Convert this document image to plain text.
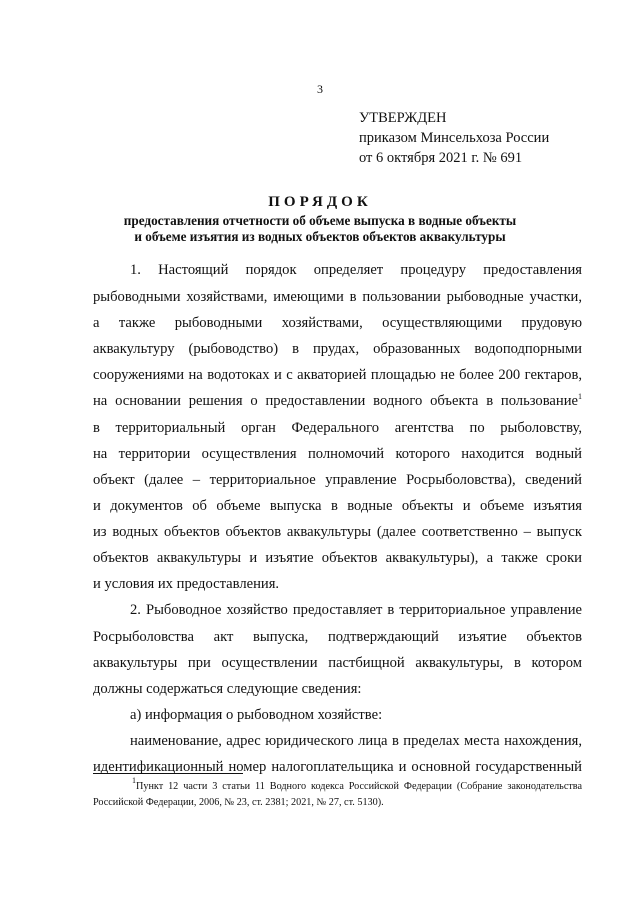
3
УТВЕРЖДЕН
приказом Минсельхоза России
от 6 октября 2021 г. № 691
ПОРЯДОК
предоставления отчетности об объеме выпуска в водные объекты
и объеме изъятия из водных объектов объектов аквакультуры
1. Настоящий порядок определяет процедуру предоставления
рыбоводными хозяйствами, имеющими в пользовании рыбоводные участки,
а также рыбоводными хозяйствами, осуществляющими прудовую
аквакультуру (рыбоводство) в прудах, образованных водоподпорными
сооружениями на водотоках и с акваторией площадью не более 200 гектаров,
на основании решения о предоставлении водного объекта в пользование$^1$
в территориальный орган Федерального агентства по рыболовству,
на территории осуществления полномочий которого находится водный
объект (далее – территориальное управление Росрыболовства), сведений
и документов об объеме выпуска в водные объекты и объеме изъятия
из водных объектов объектов аквакультуры (далее соответственно – выпуск
объектов аквакультуры и изъятие объектов аквакультуры), а также сроки
и условия их предоставления.
2. Рыбоводное хозяйство предоставляет в территориальное управление
Росрыболовства акт выпуска, подтверждающий изъятие объектов
аквакультуры при осуществлении пастбищной аквакультуры, в котором
должны содержаться следующие сведения:
а) информация о рыбоводном хозяйстве:
наименование, адрес юридического лица в пределах места нахождения,
идентификационный номер налогоплательщика и основной государственный
$^1$Пункт 12 части 3 статьи 11 Водного кодекса Российской Федерации (Собрание законодательства
Российской Федерации, 2006, № 23, ст. 2381; 2021, № 27, ст. 5130).
